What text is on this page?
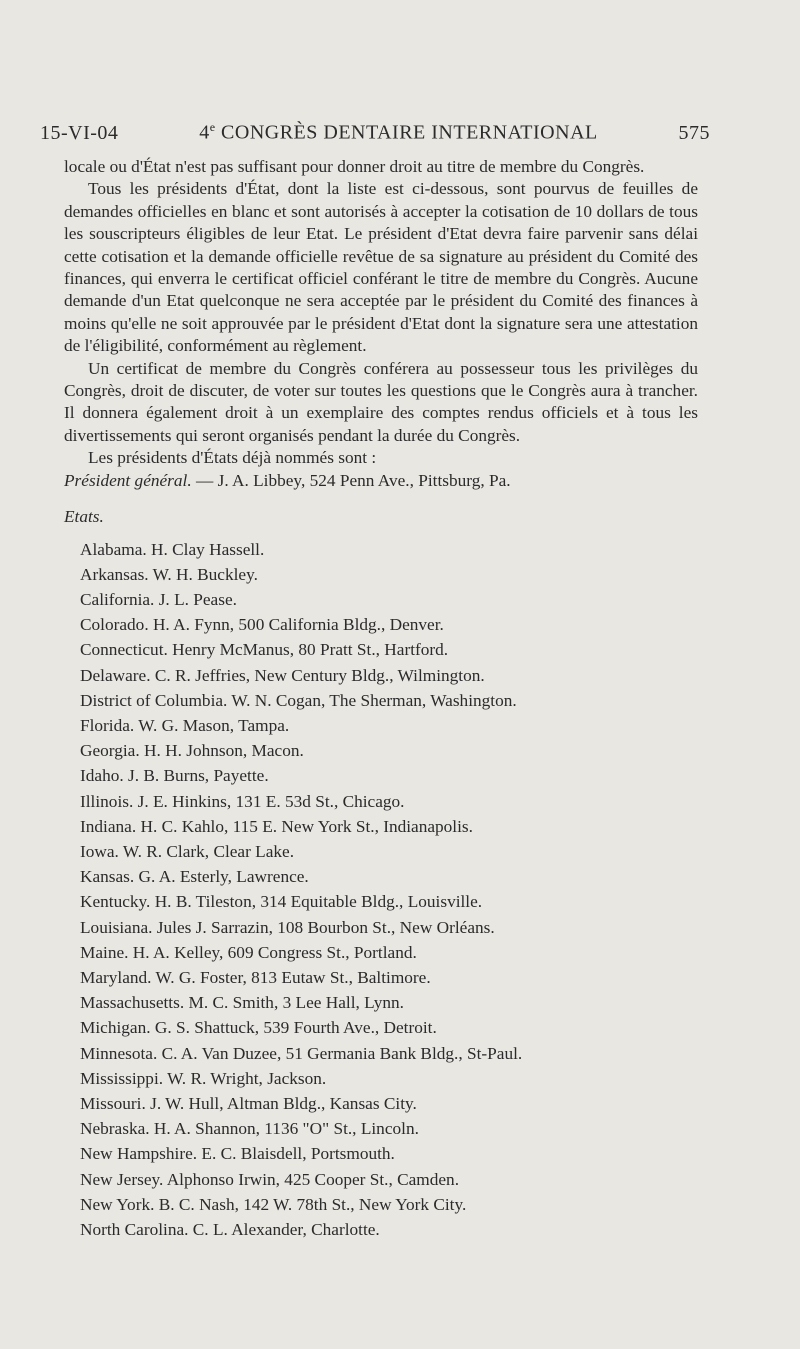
15-VI-04	4e CONGRÈS DENTAIRE INTERNATIONAL	575

locale ou d'État n'est pas suffisant pour donner droit au titre de membre du Congrès.

Tous les présidents d'État, dont la liste est ci-dessous, sont pourvus de feuilles de demandes officielles en blanc et sont autorisés à accepter la cotisation de 10 dollars de tous les souscripteurs éligibles de leur Etat. Le président d'Etat devra faire parvenir sans délai cette cotisation et la demande officielle revêtue de sa signature au président du Comité des finances, qui enverra le certificat officiel conférant le titre de membre du Congrès. Aucune demande d'un Etat quelconque ne sera acceptée par le président du Comité des finances à moins qu'elle ne soit approuvée par le président d'Etat dont la signature sera une attestation de l'éligibilité, conformément au règlement.

Un certificat de membre du Congrès conférera au possesseur tous les privilèges du Congrès, droit de discuter, de voter sur toutes les questions que le Congrès aura à trancher. Il donnera également droit à un exemplaire des comptes rendus officiels et à tous les divertissements qui seront organisés pendant la durée du Congrès.

Les présidents d'États déjà nommés sont :

Président général. — J. A. Libbey, 524 Penn Ave., Pittsburg, Pa.

Etats.

Alabama. H. Clay Hassell.
Arkansas. W. H. Buckley.
California. J. L. Pease.
Colorado. H. A. Fynn, 500 California Bldg., Denver.
Connecticut. Henry McManus, 80 Pratt St., Hartford.
Delaware. C. R. Jeffries, New Century Bldg., Wilmington.
District of Columbia. W. N. Cogan, The Sherman, Washington.
Florida. W. G. Mason, Tampa.
Georgia. H. H. Johnson, Macon.
Idaho. J. B. Burns, Payette.
Illinois. J. E. Hinkins, 131 E. 53d St., Chicago.
Indiana. H. C. Kahlo, 115 E. New York St., Indianapolis.
Iowa. W. R. Clark, Clear Lake.
Kansas. G. A. Esterly, Lawrence.
Kentucky. H. B. Tileston, 314 Equitable Bldg., Louisville.
Louisiana. Jules J. Sarrazin, 108 Bourbon St., New Orléans.
Maine. H. A. Kelley, 609 Congress St., Portland.
Maryland. W. G. Foster, 813 Eutaw St., Baltimore.
Massachusetts. M. C. Smith, 3 Lee Hall, Lynn.
Michigan. G. S. Shattuck, 539 Fourth Ave., Detroit.
Minnesota. C. A. Van Duzee, 51 Germania Bank Bldg., St-Paul.
Mississippi. W. R. Wright, Jackson.
Missouri. J. W. Hull, Altman Bldg., Kansas City.
Nebraska. H. A. Shannon, 1136 "O" St., Lincoln.
New Hampshire. E. C. Blaisdell, Portsmouth.
New Jersey. Alphonso Irwin, 425 Cooper St., Camden.
New York. B. C. Nash, 142 W. 78th St., New York City.
North Carolina. C. L. Alexander, Charlotte.
